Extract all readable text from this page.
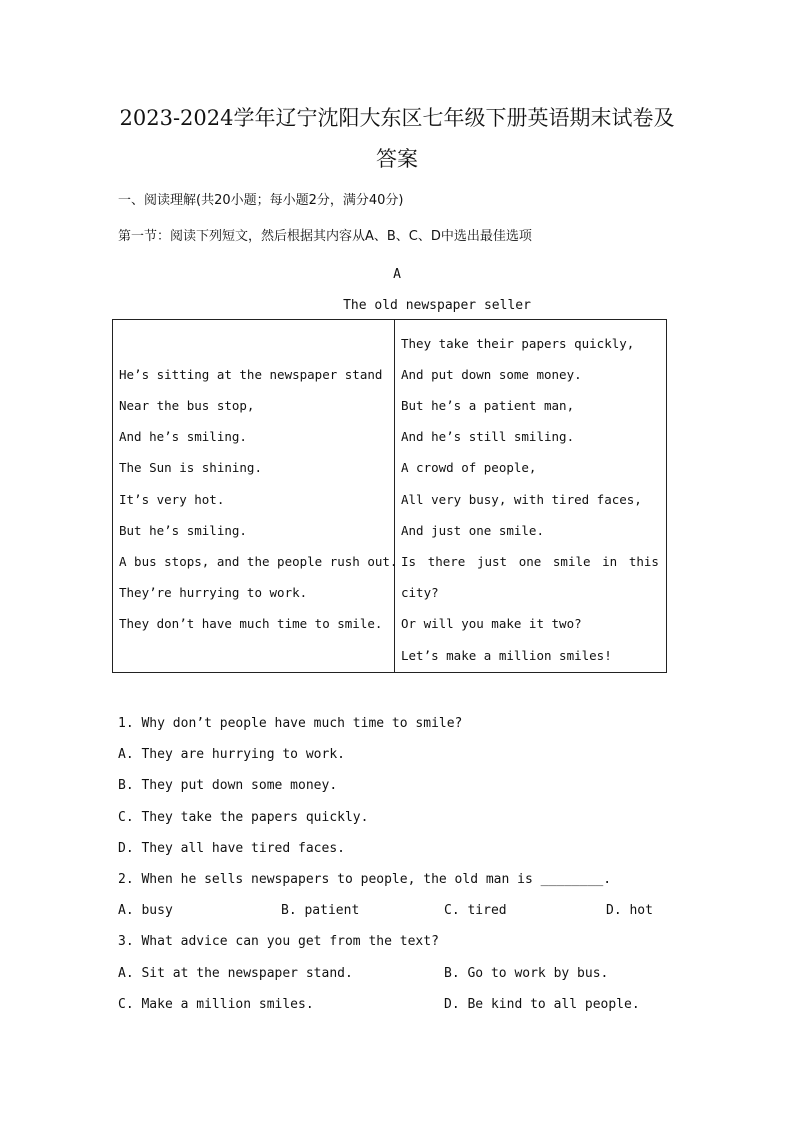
2023-2024学年辽宁沈阳大东区七年级下册英语期末试卷及
答案
一、阅读理解(共20小题；每小题2分，满分40分)
第一节：阅读下列短文，然后根据其内容从A、B、C、D中选出最佳选项
A
The old newspaper seller
He’s sitting at the newspaper stand
Near the bus stop,
And he’s smiling.
The Sun is shining.
It’s very hot.
But he’s smiling.
A bus stops, and the people rush out.
They’re hurrying to work.
They don’t have much time to smile.
They take their papers quickly,
And put down some money.
But he’s a patient man,
And he’s still smiling.
A crowd of people,
All very busy, with tired faces,
And just one smile.
Is there just one smile in this
city?
Or will you make it two?
Let’s make a million smiles!
1. Why don’t people have much time to smile?
A. They are hurrying to work.
B. They put down some money.
C. They take the papers quickly.
D. They all have tired faces.
2. When he sells newspapers to people, the old man is ________.
A. busy	B. patient	C. tired	D. hot
3. What advice can you get from the text?
A. Sit at the newspaper stand.	B. Go to work by bus.
C. Make a million smiles.	D. Be kind to all people.
